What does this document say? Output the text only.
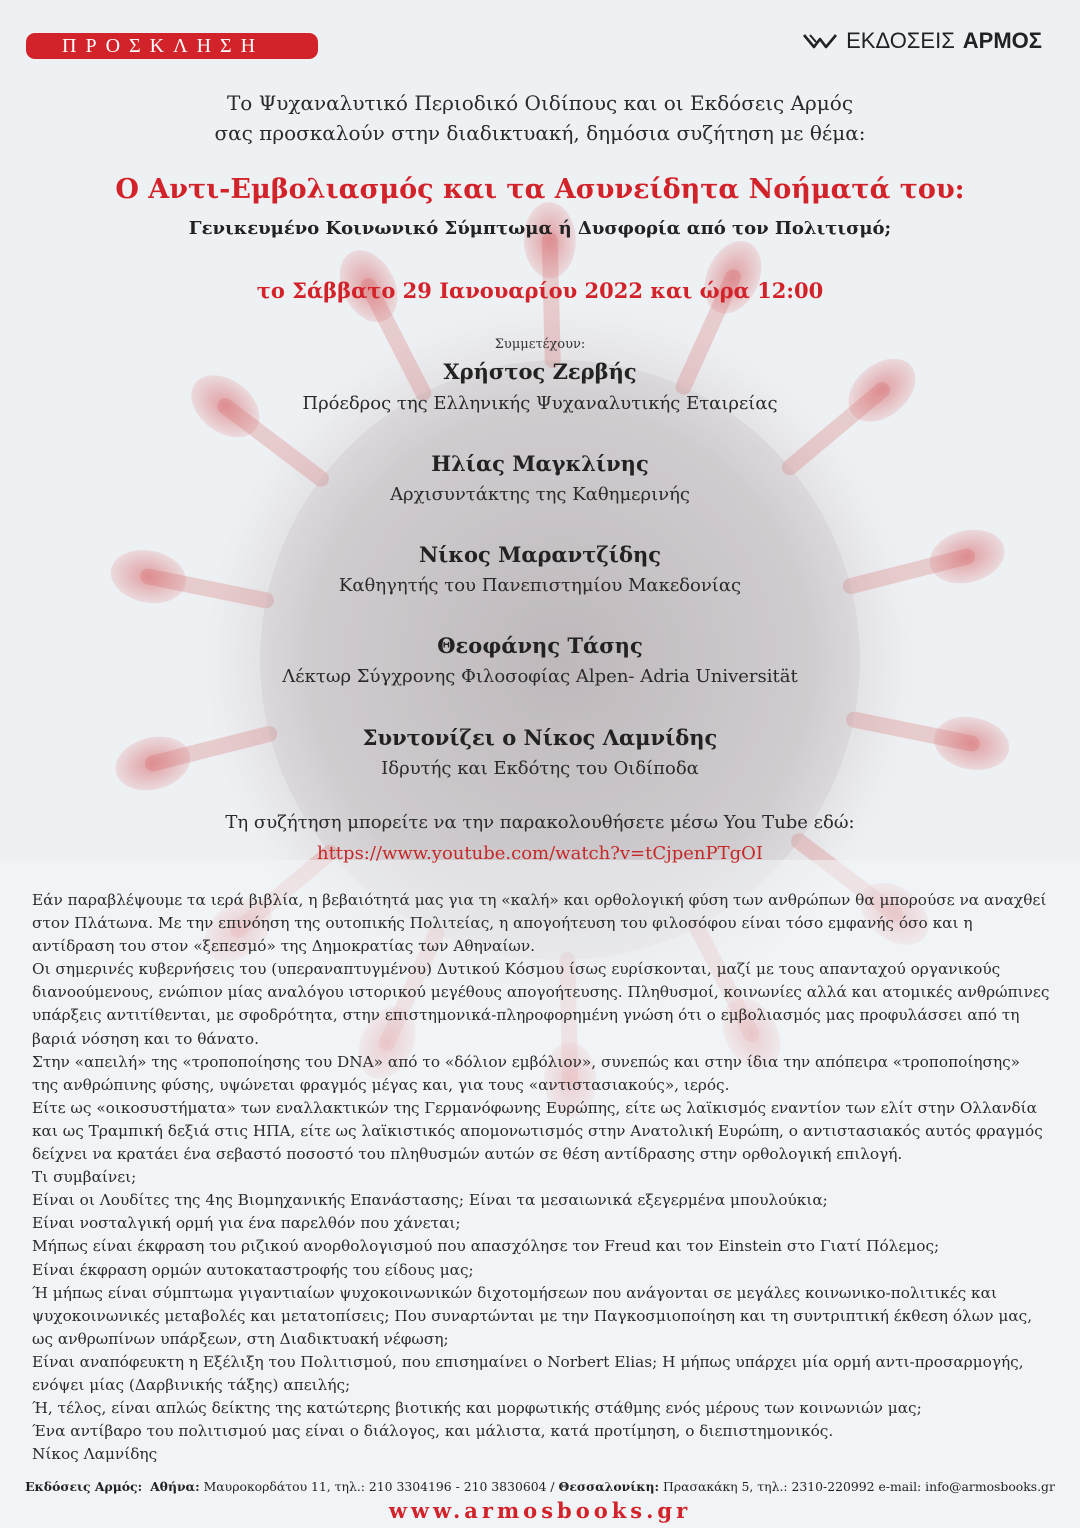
ΠΡΟΣΚΛΗΣΗ	ΕΚΔΟΣΕΙΣ ΑΡΜΟΣ
Το Ψυχαναλυτικό Περιοδικό Οιδίπους και οι Εκδόσεις Αρμός
σας προσκαλούν στην διαδικτυακή, δημόσια συζήτηση με θέμα:
Ο Αντι-Εμβολιασμός και τα Ασυνείδητα Νοήματά του:
Γενικευμένο Κοινωνικό Σύμπτωμα ή Δυσφορία από τον Πολιτισμό;
το Σάββατο 29 Ιανουαρίου 2022 και ώρα 12:00
Συμμετέχουν:
Χρήστος Ζερβής
Πρόεδρος της Ελληνικής Ψυχαναλυτικής Εταιρείας
Ηλίας Μαγκλίνης
Αρχισυντάκτης της Καθημερινής
Νίκος Μαραντζίδης
Καθηγητής του Πανεπιστημίου Μακεδονίας
Θεοφάνης Τάσης
Λέκτωρ Σύγχρονης Φιλοσοφίας Alpen- Adria Universität
Συντονίζει ο Νίκος Λαμνίδης
Ιδρυτής και Εκδότης του Οιδίποδα
Τη συζήτηση μπορείτε να την παρακολουθήσετε μέσω You Tube εδώ:
https://www.youtube.com/watch?v=tCjpenPTgOI

Εάν παραβλέψουμε τα ιερά βιβλία, η βεβαιότητά μας για τη «καλή» και ορθολογική φύση των ανθρώπων θα μπορούσε να αναχθεί στον Πλάτωνα. Με την επινόηση της ουτοπικής Πολιτείας, η απογοήτευση του φιλοσόφου είναι τόσο εμφανής όσο και η αντίδραση του στον «ξεπεσμό» της Δημοκρατίας των Αθηναίων.

Οι σημερινές κυβερνήσεις του (υπεραναπτυγμένου) Δυτικού Κόσμου ίσως ευρίσκονται, μαζί με τους απανταχού οργανικούς διανοούμενους, ενώπιον μίας αναλόγου ιστορικού μεγέθους απογοήτευσης. Πληθυσμοί, κοινωνίες αλλά και ατομικές ανθρώπινες υπάρξεις αντιτίθενται, με σφοδρότητα, στην επιστημονικά-πληροφορημένη γνώση ότι ο εμβολιασμός μας προφυλάσσει από τη βαριά νόσηση και το θάνατο.

Στην «απειλή» της «τροποποίησης του DNA» από το «δόλιον εμβόλιον», συνεπώς και στην ίδια την απόπειρα «τροποποίησης» της ανθρώπινης φύσης, υψώνεται φραγμός μέγας και, για τους «αντιστασιακούς», ιερός.

Είτε ως «οικοσυστήματα» των εναλλακτικών της Γερμανόφωνης Ευρώπης, είτε ως λαϊκισμός εναντίον των ελίτ στην Ολλανδία και ως Τραμπική δεξιά στις ΗΠΑ, είτε ως λαϊκιστικός απομονωτισμός στην Ανατολική Ευρώπη, ο αντιστασιακός αυτός φραγμός δείχνει να κρατάει ένα σεβαστό ποσοστό του πληθυσμών αυτών σε θέση αντίδρασης στην ορθολογική επιλογή.

Τι συμβαίνει;

Είναι οι Λουδίτες της 4ης Βιομηχανικής Επανάστασης; Είναι τα μεσαιωνικά εξεγερμένα μπουλούκια;

Είναι νοσταλγική ορμή για ένα παρελθόν που χάνεται;

Μήπως είναι έκφραση του ριζικού ανορθολογισμού που απασχόλησε τον Freud και τον Einstein στο Γιατί Πόλεμος;

Είναι έκφραση ορμών αυτοκαταστροφής του είδους μας;

Ή μήπως είναι σύμπτωμα γιγαντιαίων ψυχοκοινωνικών διχοτομήσεων που ανάγονται σε μεγάλες κοινωνικο-πολιτικές και ψυχοκοινωνικές μεταβολές και μετατοπίσεις; Που συναρτώνται με την Παγκοσμιοποίηση και τη συντριπτική έκθεση όλων μας, ως ανθρωπίνων υπάρξεων, στη Διαδικτυακή νέφωση;

Είναι αναπόφευκτη η Εξέλιξη του Πολιτισμού, που επισημαίνει ο Norbert Elias; Η μήπως υπάρχει μία ορμή αντι-προσαρμογής, ενόψει μίας (Δαρβινικής τάξης) απειλής;

Ή, τέλος, είναι απλώς δείκτης της κατώτερης βιοτικής και μορφωτικής στάθμης ενός μέρους των κοινωνιών μας;

Ένα αντίβαρο του πολιτισμού μας είναι ο διάλογος, και μάλιστα, κατά προτίμηση, ο διεπιστημονικός.

Νίκος Λαμνίδης

Εκδόσεις Αρμός: Αθήνα: Μαυροκορδάτου 11, τηλ.: 210 3304196 - 210 3830604 / Θεσσαλονίκη: Πρασακάκη 5, τηλ.: 2310-220992 e-mail: info@armosbooks.gr
www.armosbooks.gr
